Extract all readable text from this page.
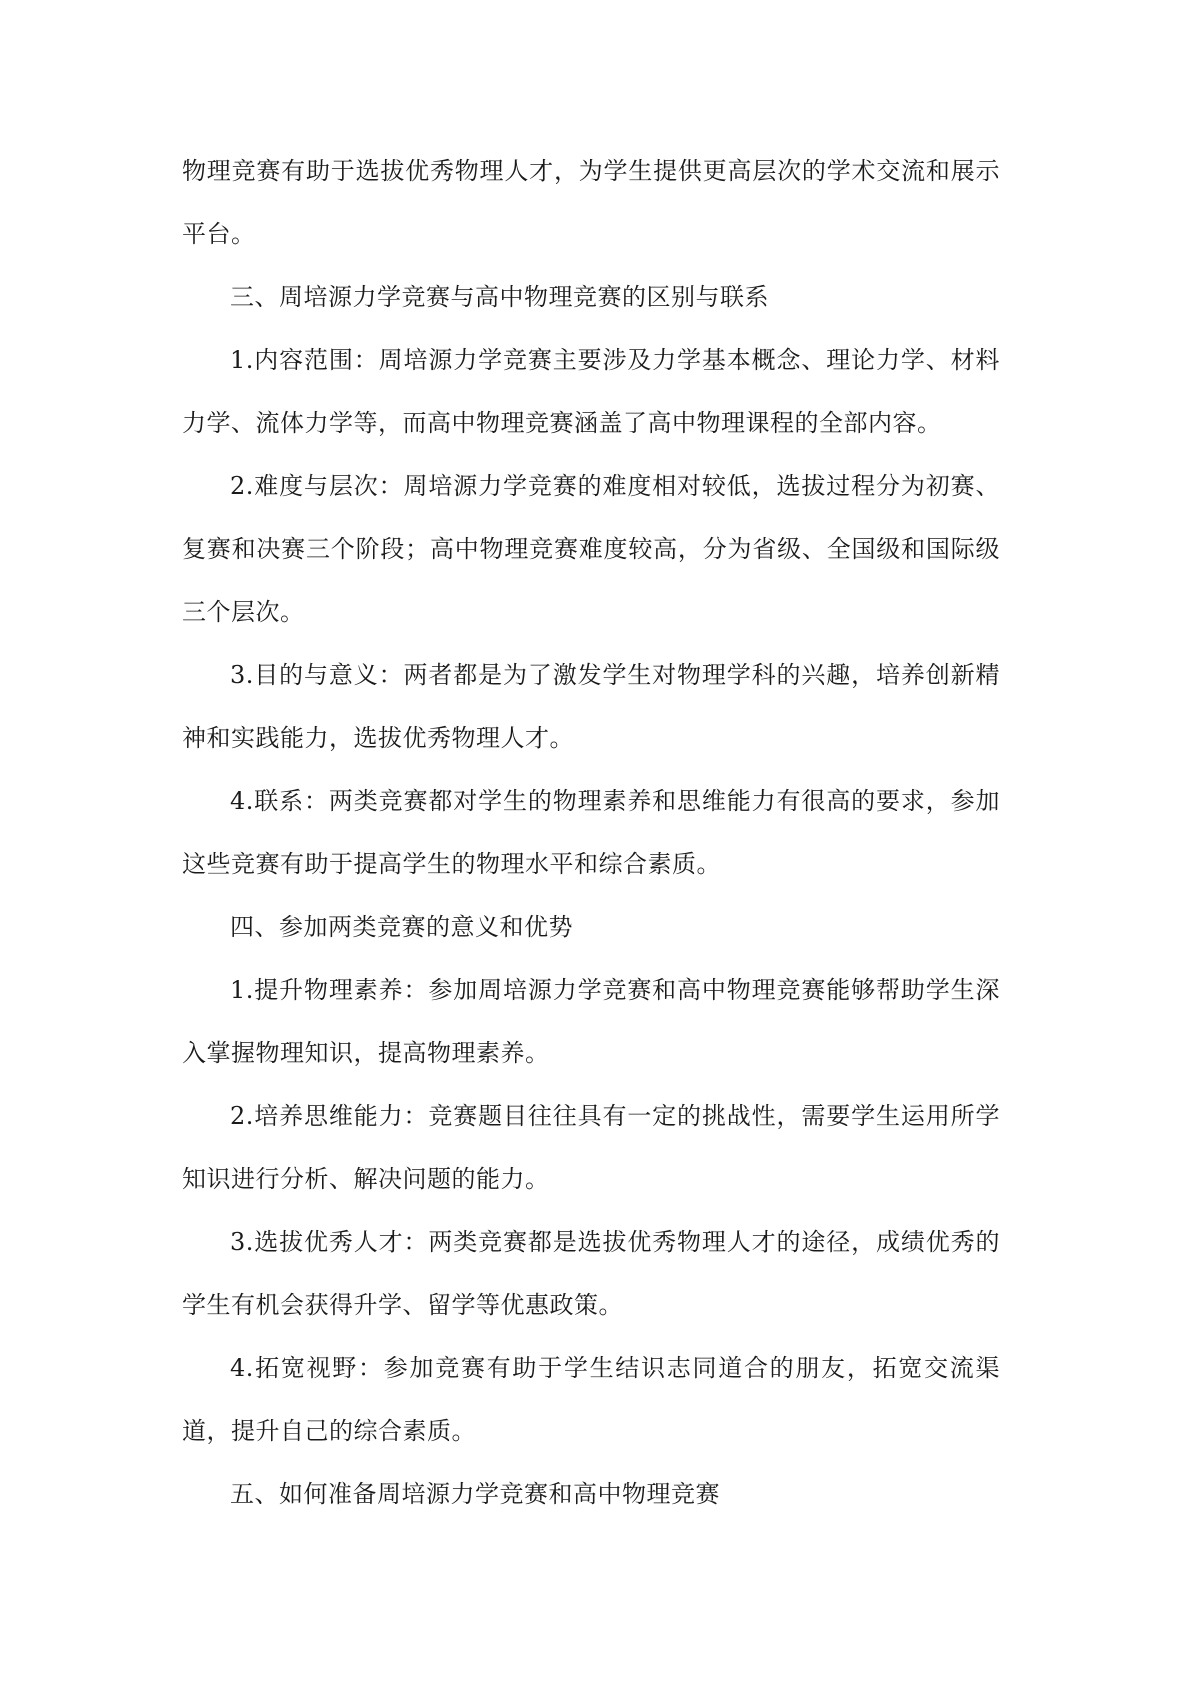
物理竞赛有助于选拔优秀物理人才，为学生提供更高层次的学术交流和展示平台。

三、周培源力学竞赛与高中物理竞赛的区别与联系

1.内容范围：周培源力学竞赛主要涉及力学基本概念、理论力学、材料力学、流体力学等，而高中物理竞赛涵盖了高中物理课程的全部内容。

2.难度与层次：周培源力学竞赛的难度相对较低，选拔过程分为初赛、复赛和决赛三个阶段；高中物理竞赛难度较高，分为省级、全国级和国际级三个层次。

3.目的与意义：两者都是为了激发学生对物理学科的兴趣，培养创新精神和实践能力，选拔优秀物理人才。

4.联系：两类竞赛都对学生的物理素养和思维能力有很高的要求，参加这些竞赛有助于提高学生的物理水平和综合素质。

四、参加两类竞赛的意义和优势

1.提升物理素养：参加周培源力学竞赛和高中物理竞赛能够帮助学生深入掌握物理知识，提高物理素养。

2.培养思维能力：竞赛题目往往具有一定的挑战性，需要学生运用所学知识进行分析、解决问题的能力。

3.选拔优秀人才：两类竞赛都是选拔优秀物理人才的途径，成绩优秀的学生有机会获得升学、留学等优惠政策。

4.拓宽视野：参加竞赛有助于学生结识志同道合的朋友，拓宽交流渠道，提升自己的综合素质。

五、如何准备周培源力学竞赛和高中物理竞赛
